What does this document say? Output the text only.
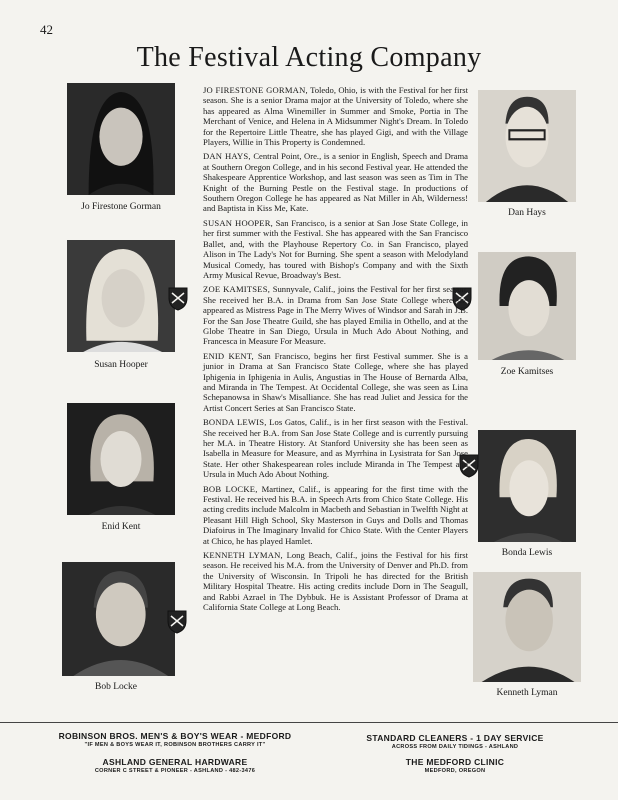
42
The Festival Acting Company
Jo Firestone Gorman
Susan Hooper
Enid Kent
Bob Locke
Dan Hays
Zoe Kamitses
Bonda Lewis
Kenneth Lyman

JO FIRESTONE GORMAN, Toledo, Ohio, is with the Festival for her first season. She is a senior Drama major at the University of Toledo, where she has appeared as Alma Winemiller in Summer and Smoke, Portia in The Merchant of Venice, and Helena in A Midsummer Night's Dream. In Toledo for the Repertoire Little Theatre, she has played Gigi, and with the Village Players, Willie in This Property is Condemned.

DAN HAYS, Central Point, Ore., is a senior in English, Speech and Drama at Southern Oregon College, and in his second Festival year. He attended the Shakespeare Apprentice Workshop, and last season was seen as Tim in The Knight of the Burning Pestle on the Festival stage. In productions of Southern Oregon College he has appeared as Nat Miller in Ah, Wilderness! and Baptista in Kiss Me, Kate.

SUSAN HOOPER, San Francisco, is a senior at San Jose State College, in her first summer with the Festival. She has appeared with the San Francisco Ballet, and, with the Playhouse Repertory Co. in San Francisco, played Alison in The Lady's Not for Burning. She spent a season with Melodyland Musical Comedy, has toured with Bishop's Company and with the Sixth Army Musical Revue, Broadway's Best.

ZOE KAMITSES, Sunnyvale, Calif., joins the Festival for her first season. She received her B.A. in Drama from San Jose State College where she appeared as Mistress Page in The Merry Wives of Windsor and Sarah in J.B. For the San Jose Theatre Guild, she has played Emilia in Othello, and at the Globe Theatre in San Diego, Ursula in Much Ado About Nothing, and Francesca in Measure For Measure.

ENID KENT, San Francisco, begins her first Festival summer. She is a junior in Drama at San Francisco State College, where she has played Iphigenia in Iphigenia in Aulis, Angustias in The House of Bernarda Alba, and Miranda in The Tempest. At Occidental College, she was seen as Lina Schepanowsa in Shaw's Misalliance. She has read Juliet and Jessica for the Artist Concert Series at San Francisco State.

BONDA LEWIS, Los Gatos, Calif., is in her first season with the Festival. She received her B.A. from San Jose State College and is currently pursuing her M.A. in Theatre History. At Stanford University she has been seen as Isabella in Measure for Measure, and as Myrrhina in Lysistrata for San Jose State. Her other Shakespearean roles include Miranda in The Tempest and Ursula in Much Ado About Nothing.

BOB LOCKE, Martinez, Calif., is appearing for the first time with the Festival. He received his B.A. in Speech Arts from Chico State College. His acting credits include Malcolm in Macbeth and Sebastian in Twelfth Night at Pleasant Hill High School, Sky Masterson in Guys and Dolls and Thomas Diafoirus in The Imaginary Invalid for Chico State. With the Center Players at Chico, he has played Hamlet.

KENNETH LYMAN, Long Beach, Calif., joins the Festival for his first season. He received his M.A. from the University of Denver and Ph.D. from the University of Wisconsin. In Tripoli he has directed for the British Military Hospital Theatre. His acting credits include Dorn in The Seagull, and Rabbi Azrael in The Dybbuk. He is Assistant Professor of Drama at California State College at Long Beach.

ROBINSON BROS. MEN'S & BOY'S WEAR - MEDFORD
"IF MEN & BOYS WEAR IT, ROBINSON BROTHERS CARRY IT"
ASHLAND GENERAL HARDWARE
CORNER C STREET & PIONEER - ASHLAND - 482-3476
STANDARD CLEANERS - 1 DAY SERVICE
ACROSS FROM DAILY TIDINGS - ASHLAND
THE MEDFORD CLINIC
MEDFORD, OREGON
